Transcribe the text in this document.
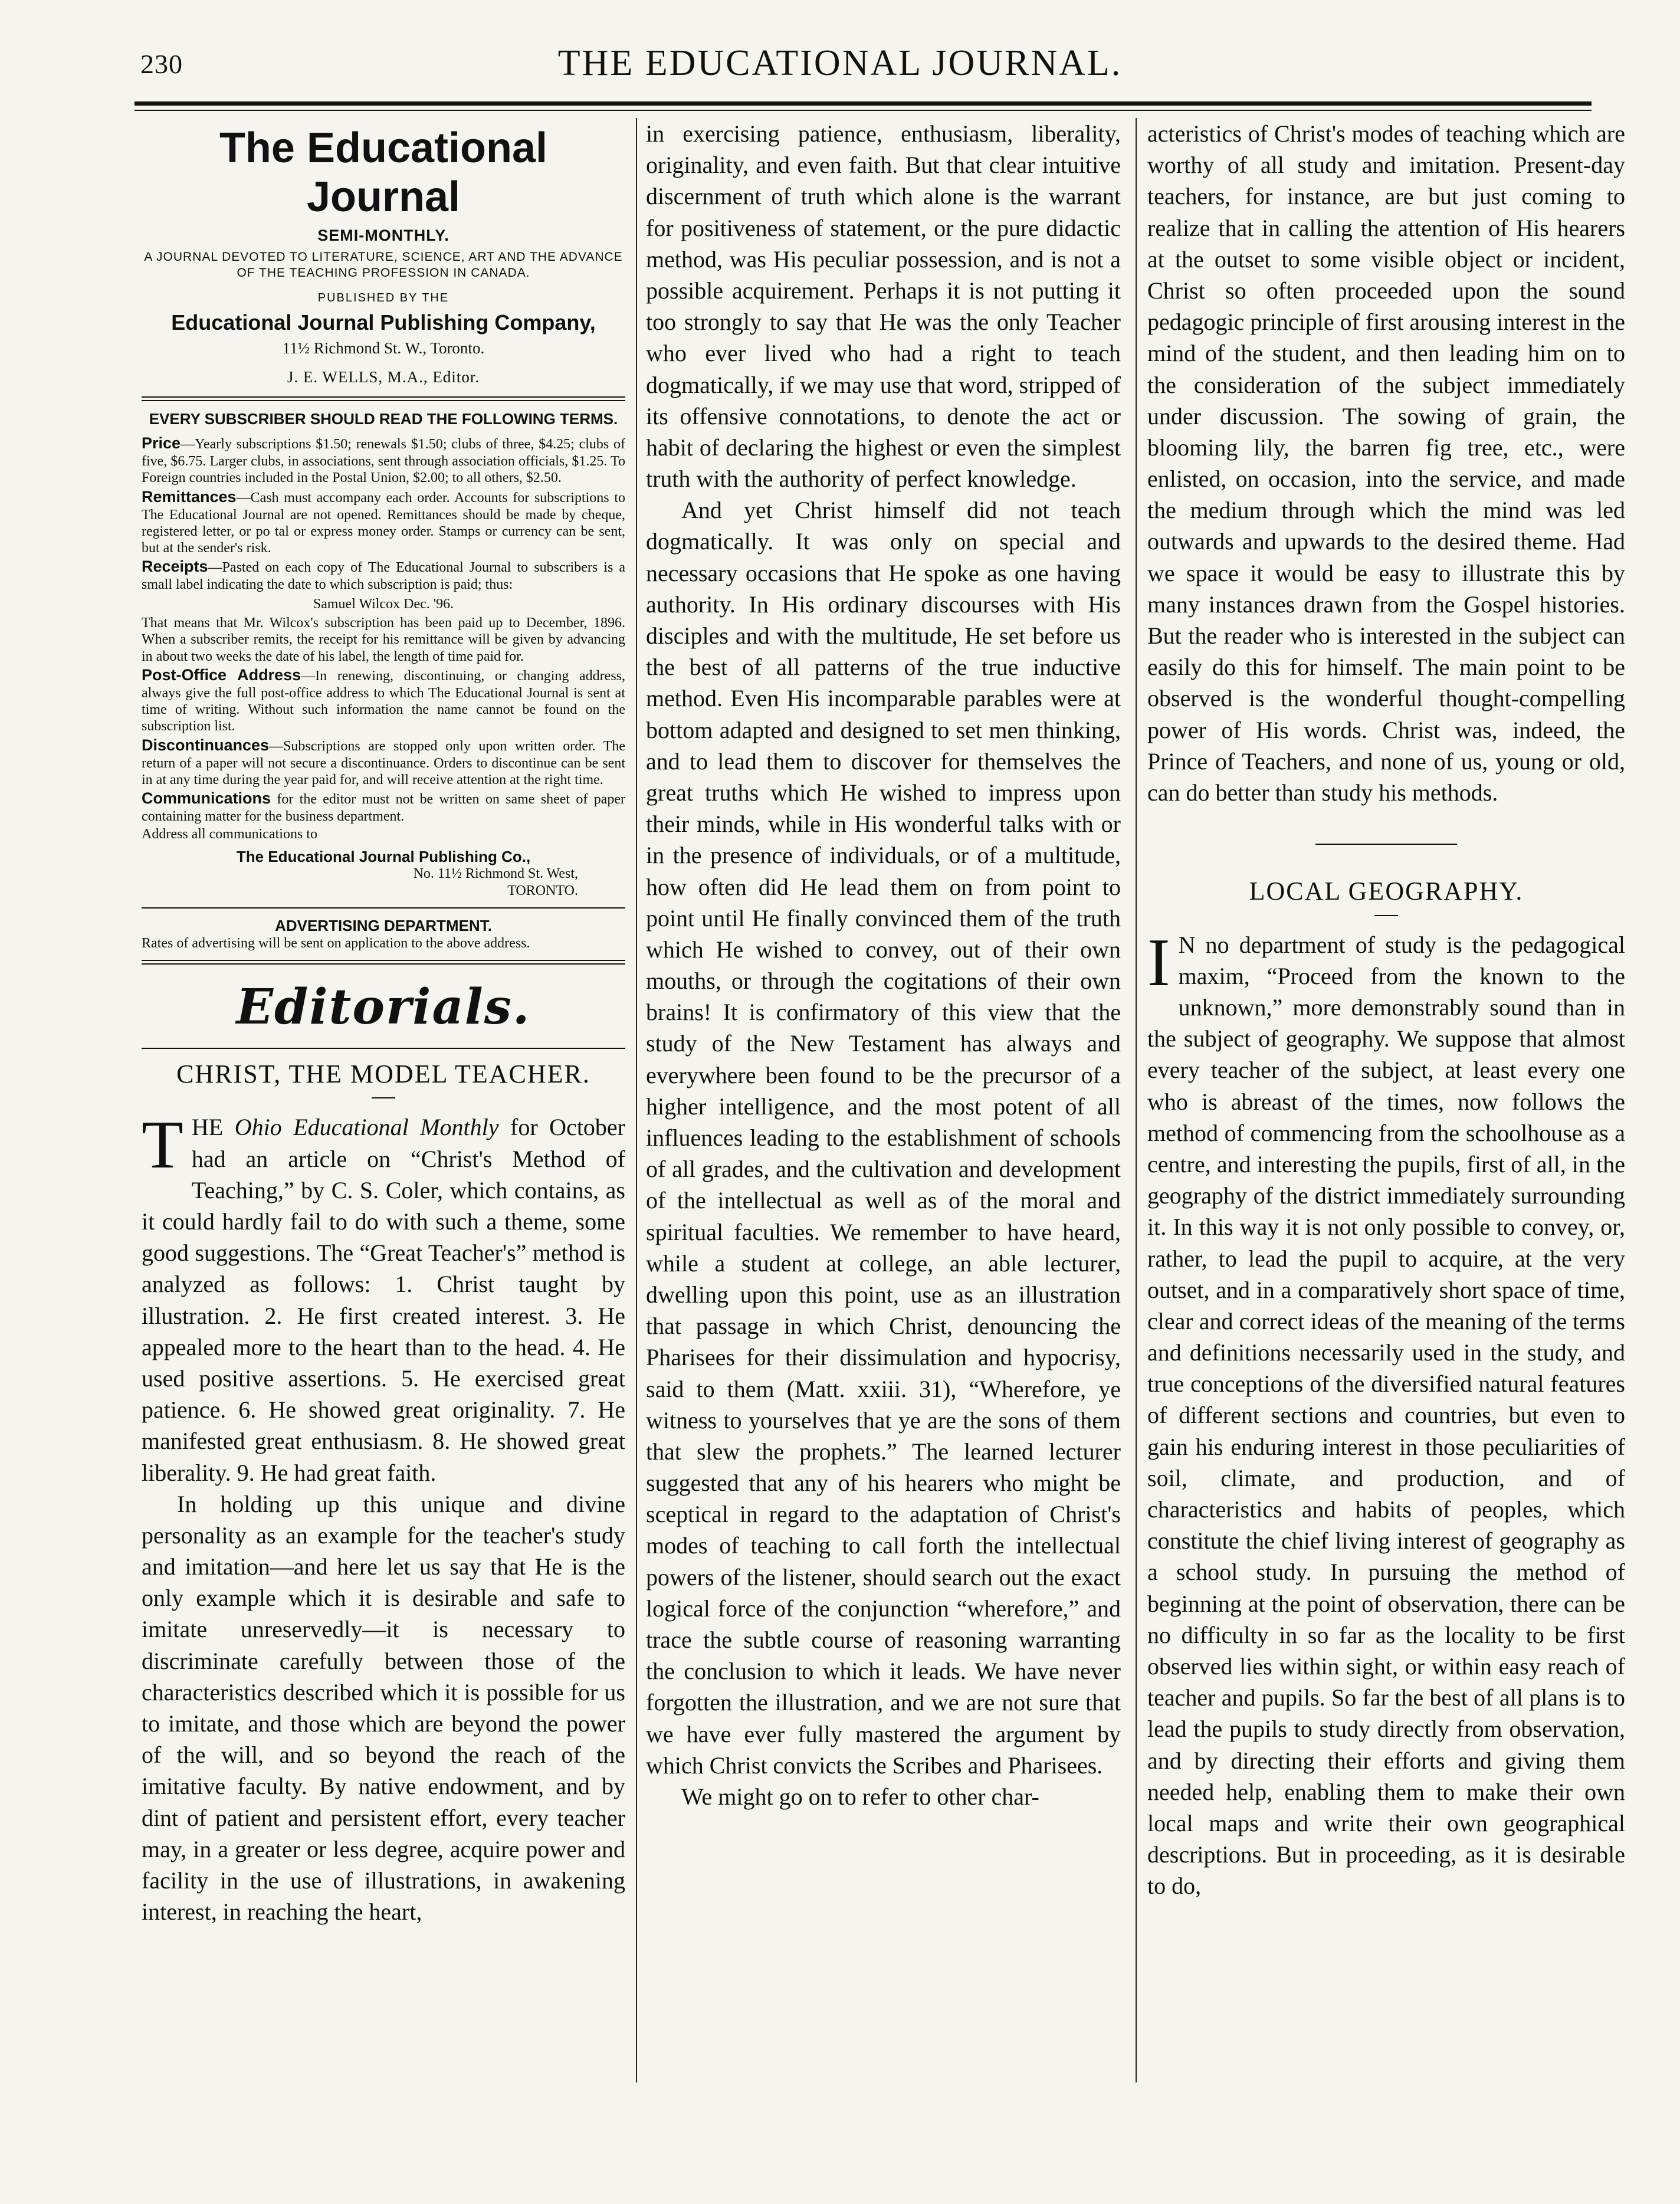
230	THE EDUCATIONAL JOURNAL.
The Educational Journal
SEMI-MONTHLY.
A JOURNAL DEVOTED TO LITERATURE, SCIENCE, ART AND THE ADVANCE OF THE TEACHING PROFESSION IN CANADA.
PUBLISHED BY THE
Educational Journal Publishing Company,
11½ Richmond St. W., Toronto.
J. E. WELLS, M.A., Editor.
EVERY SUBSCRIBER SHOULD READ THE FOLLOWING TERMS.
Price—Yearly subscriptions $1.50; renewals $1.50; clubs of three, $4.25; clubs of five, $6.75. Larger clubs, in associations, sent through association officials, $1.25. To Foreign countries included in the Postal Union, $2.00; to all others, $2.50.
Remittances—Cash must accompany each order. Accounts for subscriptions to The Educational Journal are not opened. Remittances should be made by cheque, registered letter, or po tal or express money order. Stamps or currency can be sent, but at the sender's risk.
Receipts—Pasted on each copy of The Educational Journal to subscribers is a small label indicating the date to which subscription is paid; thus:
Samuel Wilcox Dec. '96.
That means that Mr. Wilcox's subscription has been paid up to December, 1896. When a subscriber remits, the receipt for his remittance will be given by advancing in about two weeks the date of his label, the length of time paid for.
Post-Office Address—In renewing, discontinuing, or changing address, always give the full post-office address to which The Educational Journal is sent at time of writing. Without such information the name cannot be found on the subscription list.
Discontinuances—Subscriptions are stopped only upon written order. The return of a paper will not secure a discontinuance. Orders to discontinue can be sent in at any time during the year paid for, and will receive attention at the right time.
Communications for the editor must not be written on same sheet of paper containing matter for the business department.
Address all communications to
The Educational Journal Publishing Co.,
No. 11½ Richmond St. West,
TORONTO.
ADVERTISING DEPARTMENT.
Rates of advertising will be sent on application to the above address.
Editorials.
CHRIST, THE MODEL TEACHER.

THE Ohio Educational Monthly for October had an article on “Christ's Method of Teaching,” by C. S. Coler, which contains, as it could hardly fail to do with such a theme, some good suggestions. The “Great Teacher's” method is analyzed as follows: 1. Christ taught by illustration. 2. He first created interest. 3. He appealed more to the heart than to the head. 4. He used positive assertions. 5. He exercised great patience. 6. He showed great originality. 7. He manifested great enthusiasm. 8. He showed great liberality. 9. He had great faith.

In holding up this unique and divine personality as an example for the teacher's study and imitation—and here let us say that He is the only example which it is desirable and safe to imitate unreservedly—it is necessary to discriminate carefully between those of the characteristics described which it is possible for us to imitate, and those which are beyond the power of the will, and so beyond the reach of the imitative faculty. By native endowment, and by dint of patient and persistent effort, every teacher may, in a greater or less degree, acquire power and facility in the use of illustrations, in awakening interest, in reaching the heart,

in exercising patience, enthusiasm, liberality, originality, and even faith. But that clear intuitive discernment of truth which alone is the warrant for positiveness of statement, or the pure didactic method, was His peculiar possession, and is not a possible acquirement. Perhaps it is not putting it too strongly to say that He was the only Teacher who ever lived who had a right to teach dogmatically, if we may use that word, stripped of its offensive connotations, to denote the act or habit of declaring the highest or even the simplest truth with the authority of perfect knowledge.

And yet Christ himself did not teach dogmatically. It was only on special and necessary occasions that He spoke as one having authority. In His ordinary discourses with His disciples and with the multitude, He set before us the best of all patterns of the true inductive method. Even His incomparable parables were at bottom adapted and designed to set men thinking, and to lead them to discover for themselves the great truths which He wished to impress upon their minds, while in His wonderful talks with or in the presence of individuals, or of a multitude, how often did He lead them on from point to point until He finally convinced them of the truth which He wished to convey, out of their own mouths, or through the cogitations of their own brains! It is confirmatory of this view that the study of the New Testament has always and everywhere been found to be the precursor of a higher intelligence, and the most potent of all influences leading to the establishment of schools of all grades, and the cultivation and development of the intellectual as well as of the moral and spiritual faculties. We remember to have heard, while a student at college, an able lecturer, dwelling upon this point, use as an illustration that passage in which Christ, denouncing the Pharisees for their dissimulation and hypocrisy, said to them (Matt. xxiii. 31), “Wherefore, ye witness to yourselves that ye are the sons of them that slew the prophets.” The learned lecturer suggested that any of his hearers who might be sceptical in regard to the adaptation of Christ's modes of teaching to call forth the intellectual powers of the listener, should search out the exact logical force of the conjunction “wherefore,” and trace the subtle course of reasoning warranting the conclusion to which it leads. We have never forgotten the illustration, and we are not sure that we have ever fully mastered the argument by which Christ convicts the Scribes and Pharisees.

We might go on to refer to other char-

acteristics of Christ's modes of teaching which are worthy of all study and imitation. Present-day teachers, for instance, are but just coming to realize that in calling the attention of His hearers at the outset to some visible object or incident, Christ so often proceeded upon the sound pedagogic principle of first arousing interest in the mind of the student, and then leading him on to the consideration of the subject immediately under discussion. The sowing of grain, the blooming lily, the barren fig tree, etc., were enlisted, on occasion, into the service, and made the medium through which the mind was led outwards and upwards to the desired theme. Had we space it would be easy to illustrate this by many instances drawn from the Gospel histories. But the reader who is interested in the subject can easily do this for himself. The main point to be observed is the wonderful thought-compelling power of His words. Christ was, indeed, the Prince of Teachers, and none of us, young or old, can do better than study his methods.

LOCAL GEOGRAPHY.

I N no department of study is the pedagogical maxim, “Proceed from the known to the unknown,” more demonstrably sound than in the subject of geography. We suppose that almost every teacher of the subject, at least every one who is abreast of the times, now follows the method of commencing from the schoolhouse as a centre, and interesting the pupils, first of all, in the geography of the district immediately surrounding it. In this way it is not only possible to convey, or, rather, to lead the pupil to acquire, at the very outset, and in a comparatively short space of time, clear and correct ideas of the meaning of the terms and definitions necessarily used in the study, and true conceptions of the diversified natural features of different sections and countries, but even to gain his enduring interest in those peculiarities of soil, climate, and production, and of characteristics and habits of peoples, which constitute the chief living interest of geography as a school study. In pursuing the method of beginning at the point of observation, there can be no difficulty in so far as the locality to be first observed lies within sight, or within easy reach of teacher and pupils. So far the best of all plans is to lead the pupils to study directly from observation, and by directing their efforts and giving them needed help, enabling them to make their own local maps and write their own geographical descriptions. But in proceeding, as it is desirable to do,
